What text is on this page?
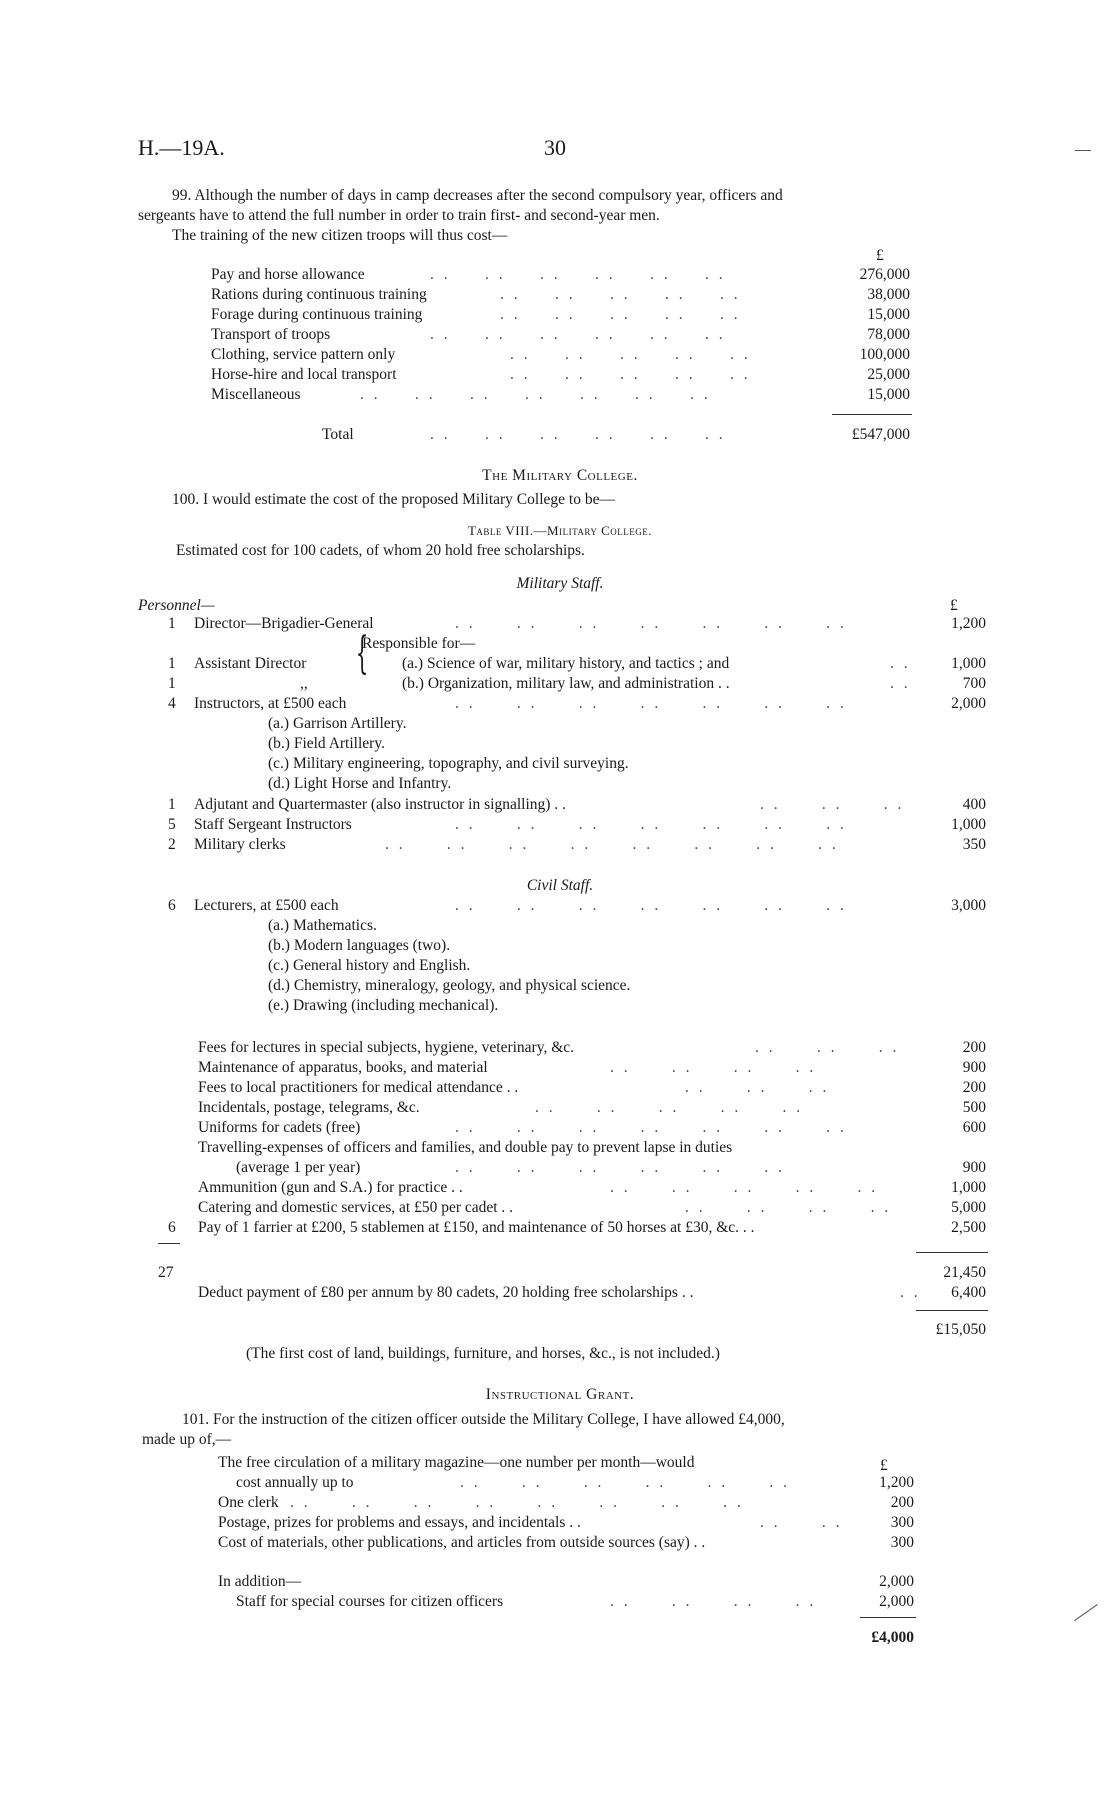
H.—19A.	30
99. Although the number of days in camp decreases after the second compulsory year, officers and
sergeants have to attend the full number in order to train first- and second-year men.
The training of the new citizen troops will thus cost—
£
Pay and horse allowance	276,000
Rations during continuous training	38,000
Forage during continuous training	15,000
Transport of troops	78,000
Clothing, service pattern only	100,000
Horse-hire and local transport	25,000
Miscellaneous	15,000
. .     . .     . .     . .     . .     . .
. .     . .     . .     . .     . .
. .     . .     . .     . .     . .
. .     . .     . .     . .     . .     . .
. .     . .     . .     . .     . .
. .     . .     . .     . .     . .
. .     . .     . .     . .     . .     . .     . .
Total	. .     . .     . .     . .     . .     . .	£547,000
The Military College.
100. I would estimate the cost of the proposed Military College to be—
Table VIII.—Military College.
Estimated cost for 100 cadets, of whom 20 hold free scholarships.
Military Staff.
Personnel—	£
1 Director—Brigadier-General	. .      . .      . .      . .      . .      . .      . .	1,200
Responsible for—
1 Assistant Director	(a.) Science of war, military history, and tactics ; and	. .	1,000
1	,,	(b.) Organization, military law, and administration . .	. .	700
{
4 Instructors, at £500 each	. .      . .      . .      . .      . .      . .      . .	2,000
(a.) Garrison Artillery.
(b.) Field Artillery.
(c.) Military engineering, topography, and civil surveying.
(d.) Light Horse and Infantry.
1 Adjutant and Quartermaster (also instructor in signalling) . .	. .      . .      . .	400
5 Staff Sergeant Instructors	. .      . .      . .      . .      . .      . .      . .	1,000
2 Military clerks	. .      . .      . .      . .      . .      . .      . .      . .	350
Civil Staff.
6 Lecturers, at £500 each	. .      . .      . .      . .      . .      . .      . .	3,000
(a.) Mathematics.
(b.) Modern languages (two).
(c.) General history and English.
(d.) Chemistry, mineralogy, geology, and physical science.
(e.) Drawing (including mechanical).
Fees for lectures in special subjects, hygiene, veterinary, &c.	. .      . .      . .	200
Maintenance of apparatus, books, and material	. .      . .      . .      . .	900
Fees to local practitioners for medical attendance . .	. .      . .      . .	200
Incidentals, postage, telegrams, &c.	. .      . .      . .      . .      . .	500
Uniforms for cadets (free)	. .      . .      . .      . .      . .      . .      . .	600
Travelling-expenses of officers and families, and double pay to prevent lapse in duties
(average 1 per year)	. .      . .      . .      . .      . .      . .	900
Ammunition (gun and S.A.) for practice . .	. .      . .      . .      . .      . .	1,000
Catering and domestic services, at £50 per cadet . .	. .      . .      . .      . .	5,000
6 Pay of 1 farrier at £200, 5 stablemen at £150, and maintenance of 50 horses at £30, &c. . .	2,500
27	21,450
Deduct payment of £80 per annum by 80 cadets, 20 holding free scholarships . .	. .	6,400
£15,050
(The first cost of land, buildings, furniture, and horses, &c., is not included.)
Instructional Grant.
101. For the instruction of the citizen officer outside the Military College, I have allowed £4,000,
made up of,—
The free circulation of a military magazine—one number per month—would	£
cost annually up to	. .      . .      . .      . .      . .      . .	1,200
One clerk . .      . .      . .      . .      . .      . .      . .      . .	200
Postage, prizes for problems and essays, and incidentals . .	. .      . .	300
Cost of materials, other publications, and articles from outside sources (say) . .	300
In addition—	2,000
Staff for special courses for citizen officers	. .      . .      . .      . .	2,000
£4,000
